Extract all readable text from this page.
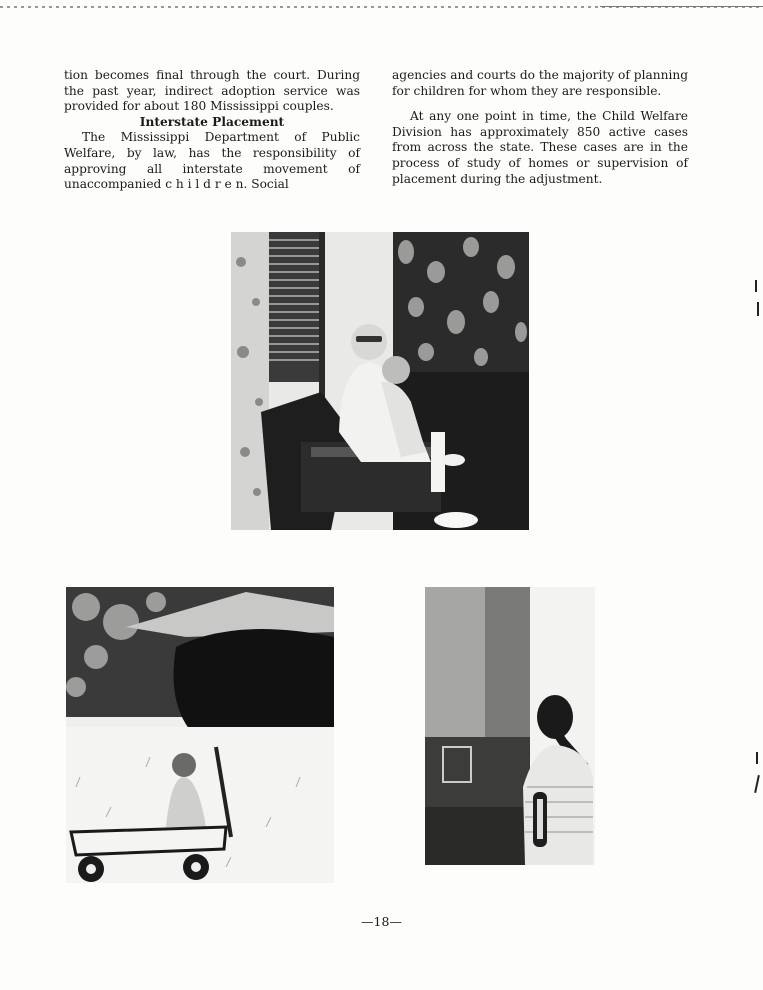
tion becomes final through the court. During the past year, indirect adoption service was provided for about 180 Mississippi couples.

Interstate Placement

The Mississippi Department of Public Welfare, by law, has the responsibility of approving all interstate movement of unaccompanied c h i l d r e n. Social

agencies and courts do the majority of planning for children for whom they are responsible.

At any one point in time, the Child Welfare Division has approximately 850 active cases from across the state. These cases are in the process of study of homes or supervision of placement during the adjustment.

—18—
